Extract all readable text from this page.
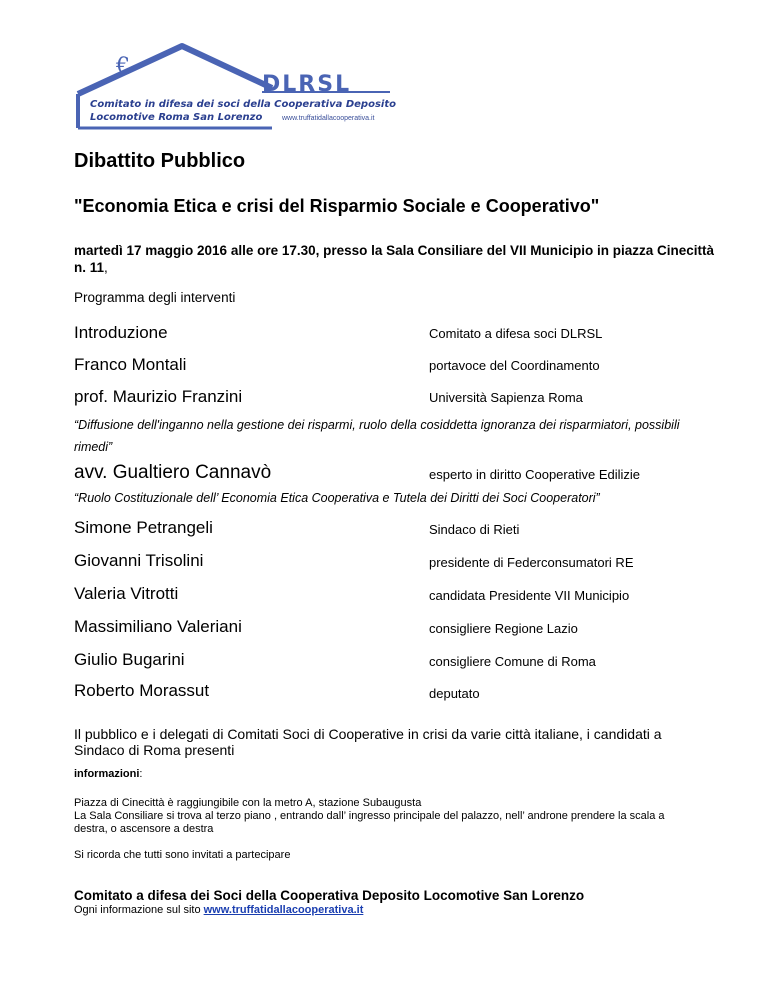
€
DLRSL
Comitato in difesa dei soci della Cooperativa Deposito
Locomotive Roma San Lorenzo	www.truffatidallacooperativa.it
Dibattito Pubblico
"Economia Etica e crisi del Risparmio Sociale e Cooperativo"
martedì 17 maggio 2016 alle ore 17.30, presso la Sala Consiliare del VII Municipio in piazza Cinecittà n. 11,
Programma degli interventi
Introduzione	Comitato a difesa soci DLRSL
Franco Montali	portavoce del Coordinamento
prof. Maurizio Franzini	Università Sapienza Roma
“Diffusione dell'inganno nella gestione dei risparmi, ruolo della cosiddetta ignoranza dei risparmiatori, possibili rimedi”
avv. Gualtiero Cannavò	esperto in diritto Cooperative Edilizie
“Ruolo Costituzionale dell’ Economia Etica Cooperativa e Tutela dei Diritti dei Soci Cooperatori”
Simone Petrangeli	Sindaco di Rieti
Giovanni Trisolini	presidente di Federconsumatori RE
Valeria Vitrotti	candidata Presidente VII Municipio
Massimiliano Valeriani	consigliere Regione Lazio
Giulio Bugarini	consigliere Comune di Roma
Roberto Morassut	deputato
Il pubblico e i delegati di Comitati Soci di Cooperative in crisi da varie città italiane, i candidati a Sindaco di Roma presenti
informazioni:
Piazza di Cinecittà è raggiungibile con la metro A, stazione Subaugusta
La Sala Consiliare si trova al terzo piano , entrando dall’ ingresso principale del palazzo, nell’ androne prendere la scala a destra, o ascensore a destra
Si ricorda che tutti sono invitati a partecipare
Comitato a difesa dei Soci della Cooperativa Deposito Locomotive San Lorenzo
Ogni informazione sul sito www.truffatidallacooperativa.it
